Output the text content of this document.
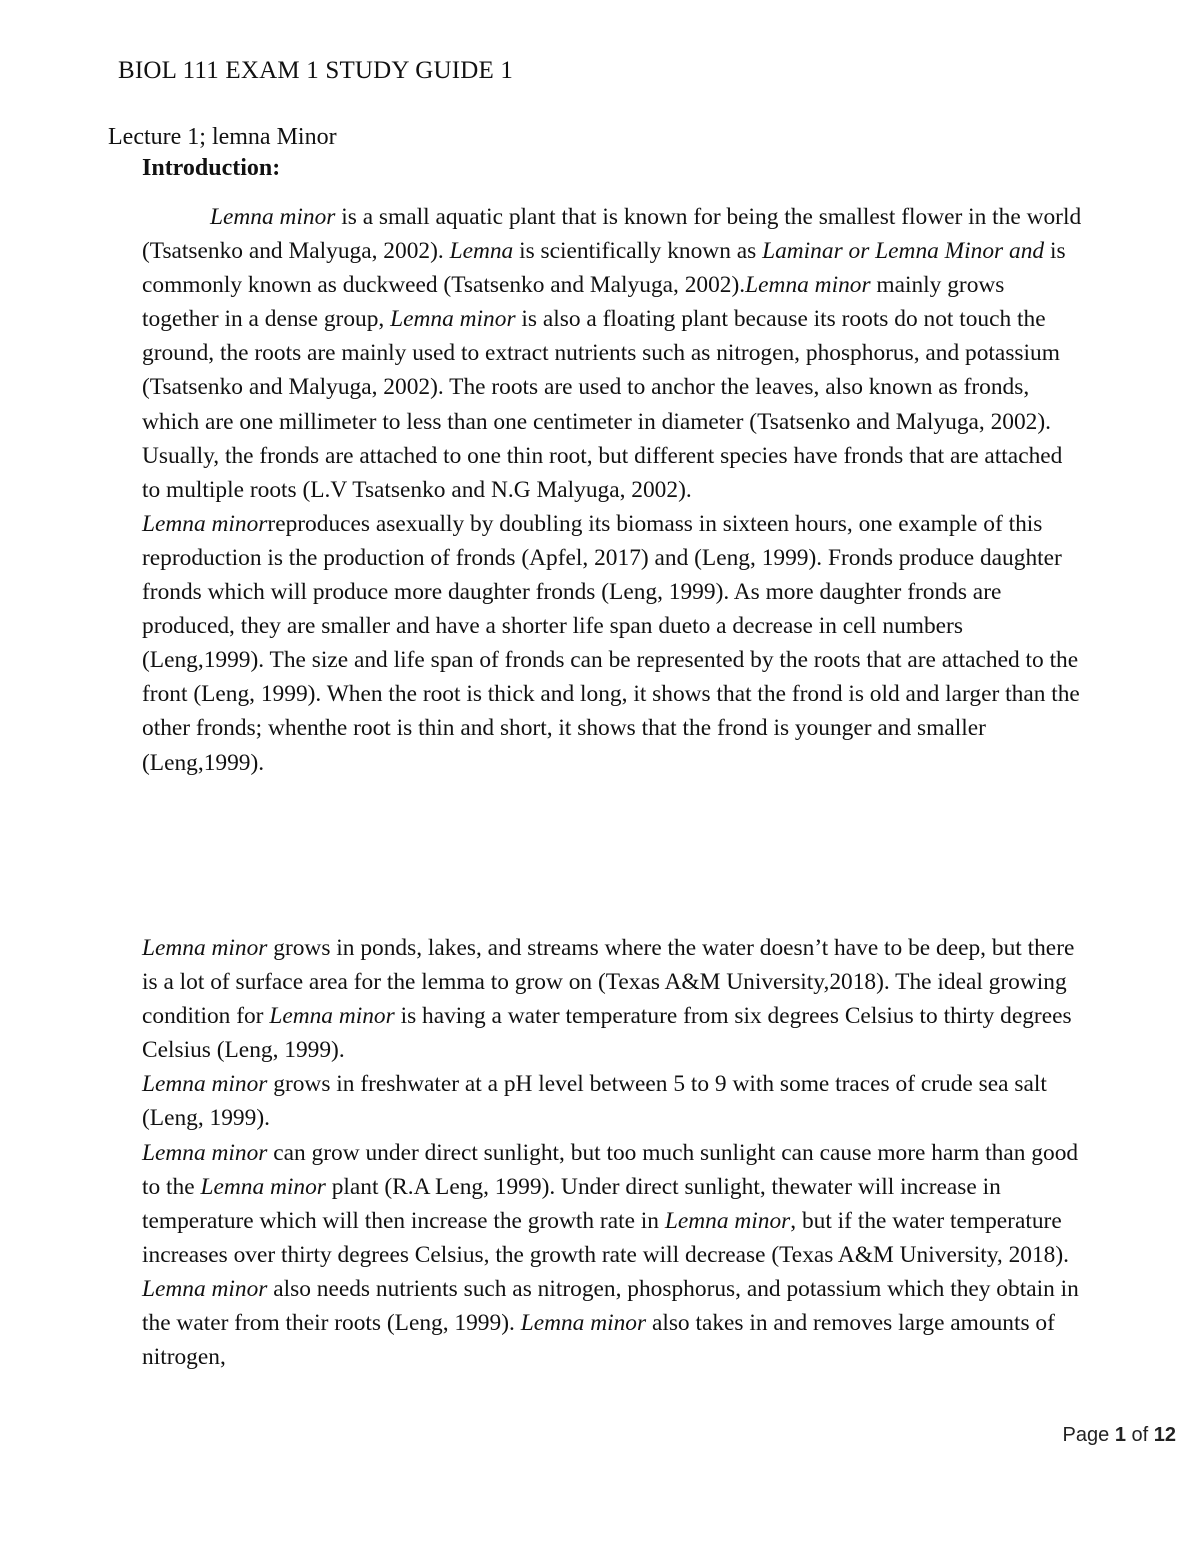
BIOL 111 EXAM 1 STUDY GUIDE 1
Lecture 1; lemna Minor
Introduction:

Lemna minor is a small aquatic plant that is known for being the smallest flower in the world (Tsatsenko and Malyuga, 2002). Lemna is scientifically known as Laminar or Lemna Minor and is commonly known as duckweed (Tsatsenko and Malyuga, 2002).Lemna minor mainly grows together in a dense group, Lemna minor is also a floating plant because its roots do not touch the ground, the roots are mainly used to extract nutrients such as nitrogen, phosphorus, and potassium (Tsatsenko and Malyuga, 2002). The roots are used to anchor the leaves, also known as fronds, which are one millimeter to less than one centimeter in diameter (Tsatsenko and Malyuga, 2002).

Usually, the fronds are attached to one thin root, but different species have fronds that are attached to multiple roots (L.V Tsatsenko and N.G Malyuga, 2002).

Lemna minorreproduces asexually by doubling its biomass in sixteen hours, one example of this reproduction is the production of fronds (Apfel, 2017) and (Leng, 1999). Fronds produce daughter fronds which will produce more daughter fronds (Leng, 1999). As more daughter fronds are produced, they are smaller and have a shorter life span dueto a decrease in cell numbers (Leng,1999). The size and life span of fronds can be represented by the roots that are attached to the front (Leng, 1999). When the root is thick and long, it shows that the frond is old and larger than the other fronds; whenthe root is thin and short, it shows that the frond is younger and smaller (Leng,1999).

Lemna minor grows in ponds, lakes, and streams where the water doesn’t have to be deep, but there is a lot of surface area for the lemma to grow on (Texas A&M University,2018). The ideal growing condition for Lemna minor is having a water temperature from six degrees Celsius to thirty degrees Celsius (Leng, 1999).

Lemna minor grows in freshwater at a pH level between 5 to 9 with some traces of crude sea salt (Leng, 1999).

Lemna minor can grow under direct sunlight, but too much sunlight can cause more harm than good to the Lemna minor plant (R.A Leng, 1999). Under direct sunlight, thewater will increase in temperature which will then increase the growth rate in Lemna minor, but if the water temperature increases over thirty degrees Celsius, the growth rate will decrease (Texas A&M University, 2018).

Lemna minor also needs nutrients such as nitrogen, phosphorus, and potassium which they obtain in the water from their roots (Leng, 1999). Lemna minor also takes in and removes large amounts of nitrogen,

Page 1 of 12
